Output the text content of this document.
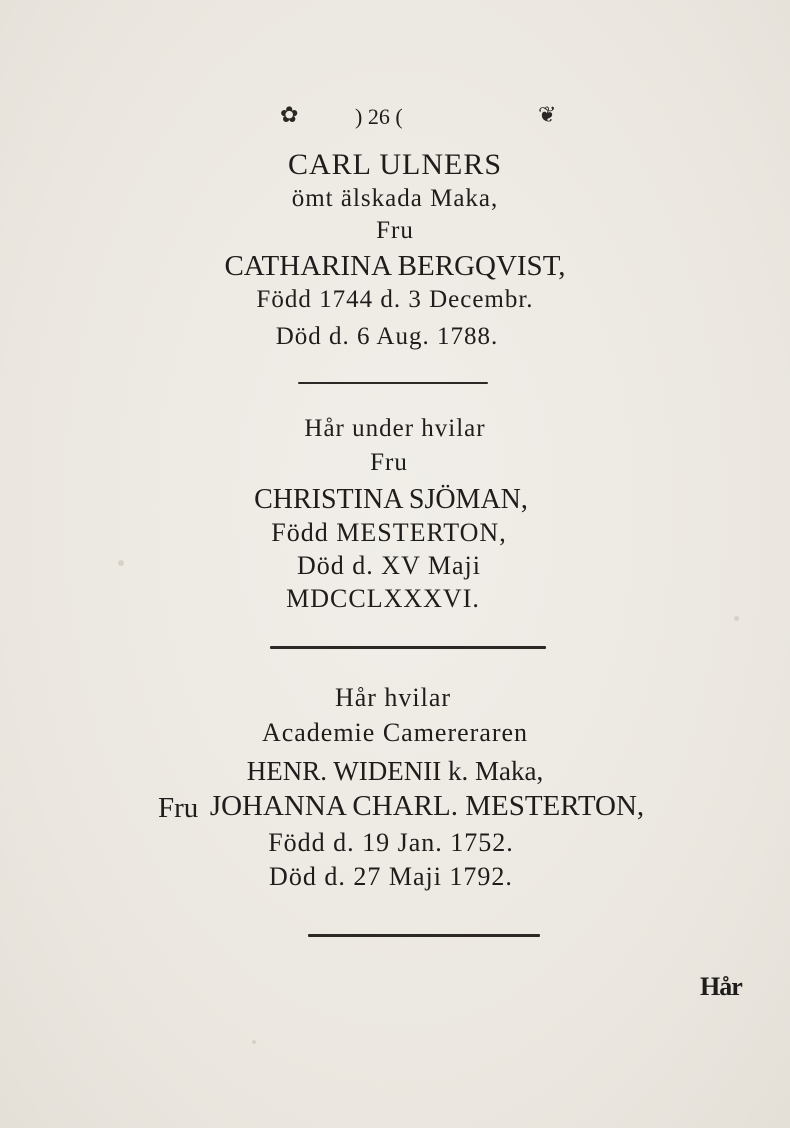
✿	) 26 (	❦
CARL ULNERS
ömt älskada Maka,
Fru
CATHARINA BERGQVIST,
Född 1744 d. 3 Decembr.
Död d. 6 Aug. 1788.
Hår under hvilar
Fru
CHRISTINA SJÖMAN,
Född MESTERTON,
Död d. XV Maji
MDCCLXXXVI.
Hår hvilar
Academie Camereraren
HENR. WIDENII k. Maka,
Fru JOHANNA CHARL. MESTERTON,
Född d. 19 Jan. 1752.
Död d. 27 Maji 1792.
Hår
